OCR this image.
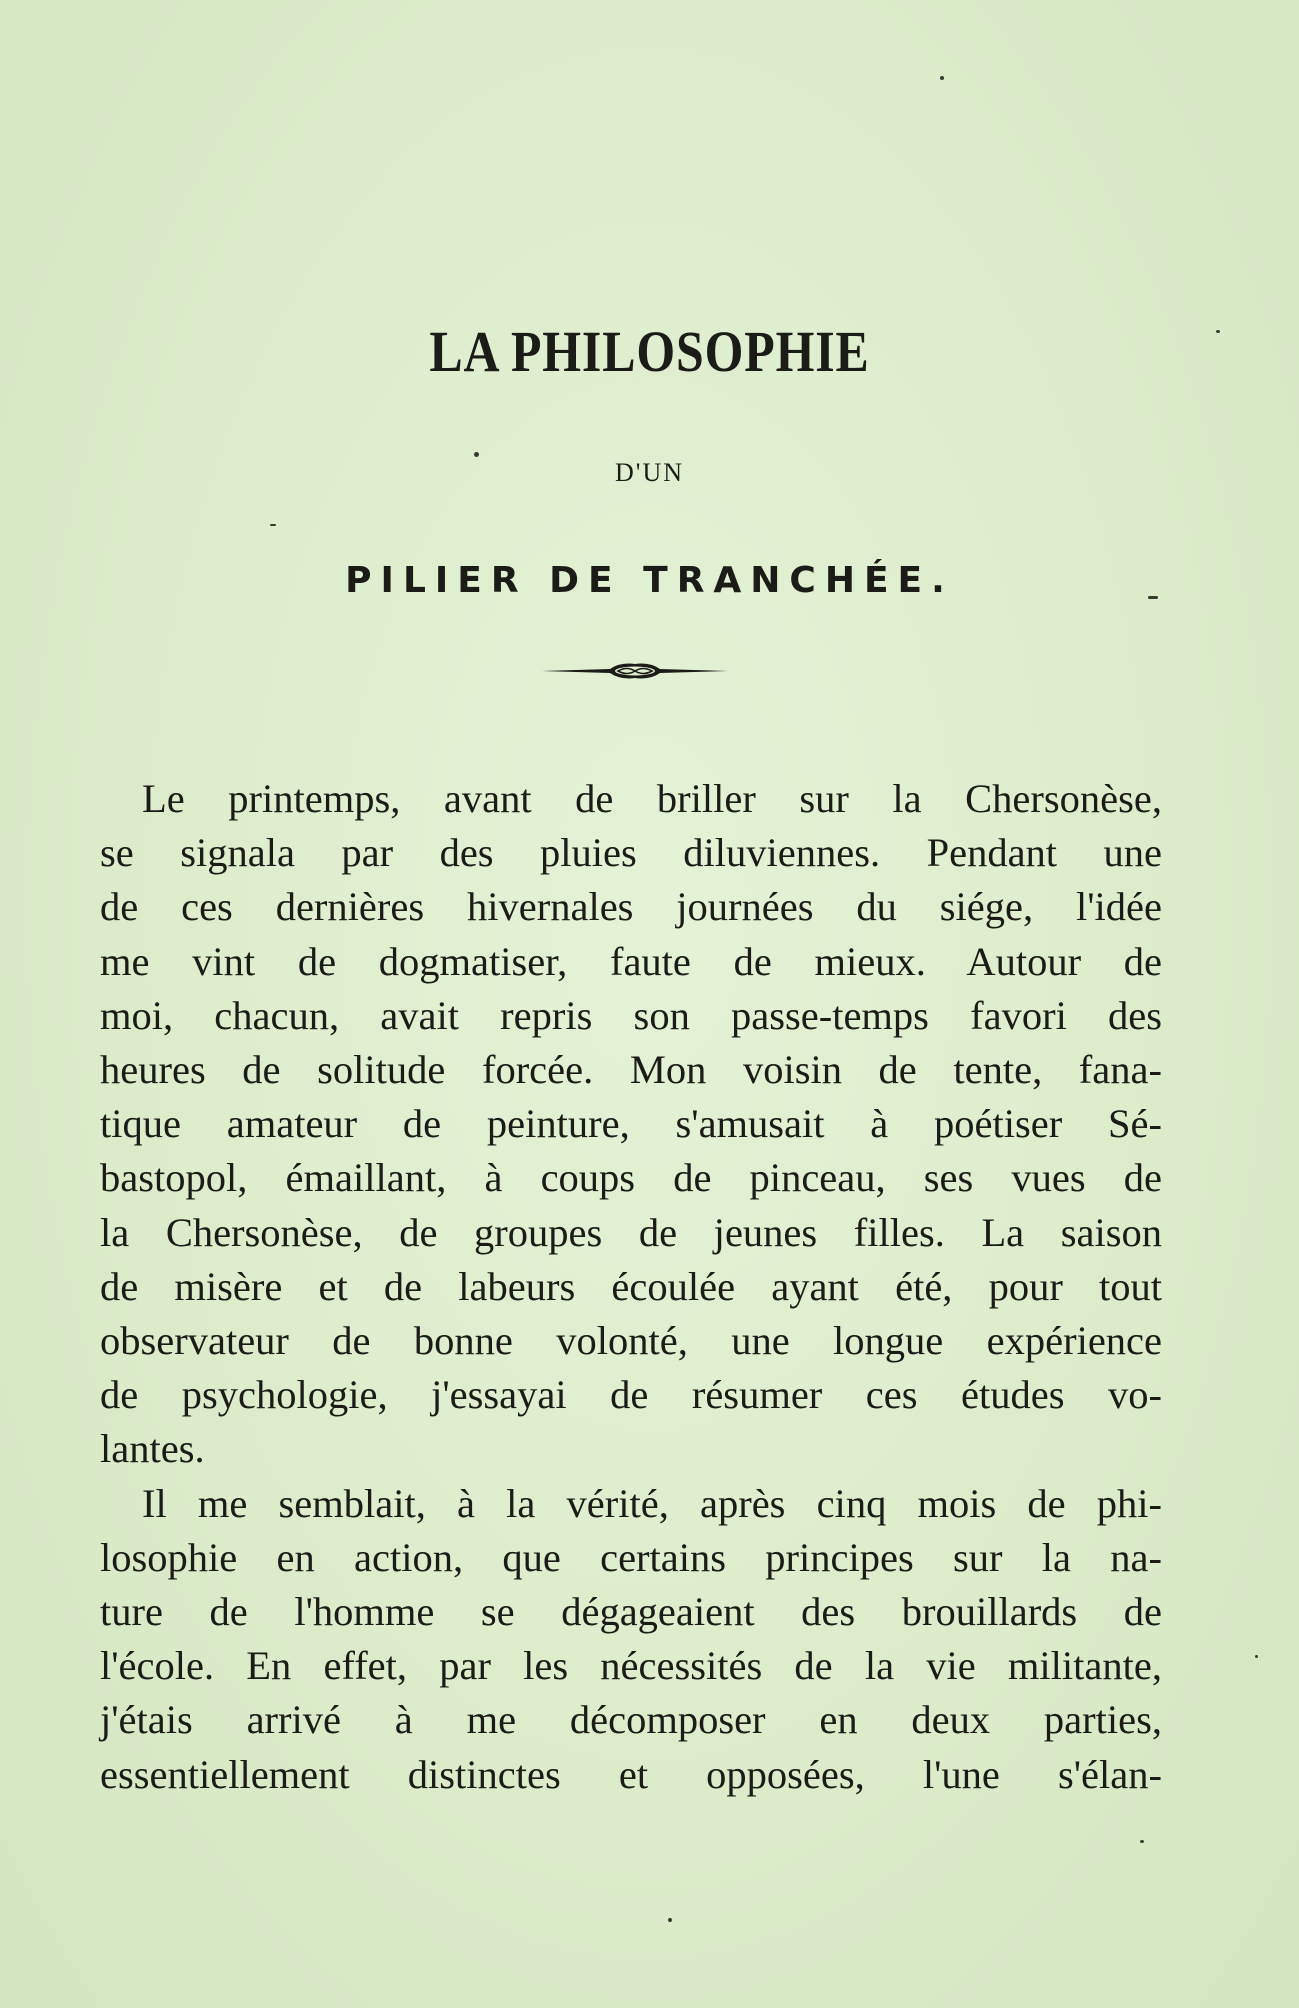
LA PHILOSOPHIE
D'UN
PILIER DE TRANCHÉE.
Le printemps, avant de briller sur la Chersonèse,
se signala par des pluies diluviennes. Pendant une
de ces dernières hivernales journées du siége, l'idée
me vint de dogmatiser, faute de mieux. Autour de
moi, chacun, avait repris son passe-temps favori des
heures de solitude forcée. Mon voisin de tente, fana-
tique amateur de peinture, s'amusait à poétiser Sé-
bastopol, émaillant, à coups de pinceau, ses vues de
la Chersonèse, de groupes de jeunes filles. La saison
de misère et de labeurs écoulée ayant été, pour tout
observateur de bonne volonté, une longue expérience
de psychologie, j'essayai de résumer ces études vo-
lantes.
Il me semblait, à la vérité, après cinq mois de phi-
losophie en action, que certains principes sur la na-
ture de l'homme se dégageaient des brouillards de
l'école. En effet, par les nécessités de la vie militante,
j'étais arrivé à me décomposer en deux parties,
essentiellement distinctes et opposées, l'une s'élan-
